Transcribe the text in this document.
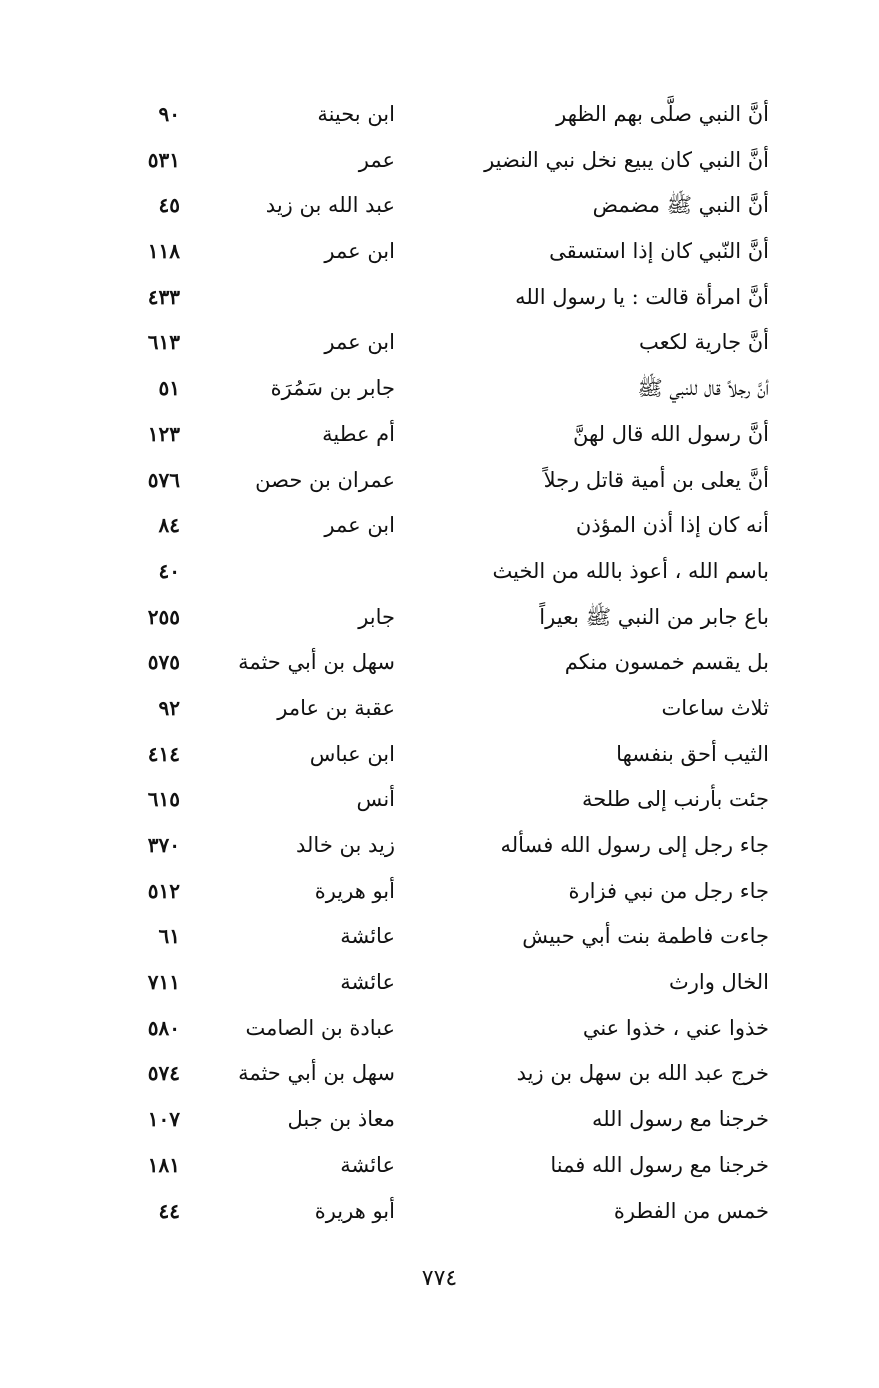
أنَّ النبي صلَّى بهم الظهر
ابن بحينة
٩٠
أنَّ النبي كان يبيع نخل نبي النضير
عمر
٥٣١
أنَّ النبي ﷺ مضمض
عبد الله بن زيد
٤٥
أنَّ النّبي كان إذا استسقى
ابن عمر
١١٨
أنَّ امرأة قالت : يا رسول الله
٤٣٣
أنَّ جارية لكعب
ابن عمر
٦١٣
أنَّ رجلاً قال للنبي ﷺ
جابر بن سَمُرَة
٥١
أنَّ رسول الله قال لهنَّ
أم عطية
١٢٣
أنَّ يعلى بن أمية قاتل رجلاً
عمران بن حصن
٥٧٦
أنه كان إذا أذن المؤذن
ابن عمر
٨٤
باسم الله ، أعوذ بالله من الخيث
٤٠
باع جابر من النبي ﷺ بعيراً
جابر
٢٥٥
بل يقسم خمسون منكم
سهل بن أبي حثمة
٥٧٥
ثلاث ساعات
عقبة بن عامر
٩٢
الثيب أحق بنفسها
ابن عباس
٤١٤
جئت بأرنب إلى طلحة
أنس
٦١٥
جاء رجل إلى رسول الله فسأله
زيد بن خالد
٣٧٠
جاء رجل من نبي فزارة
أبو هريرة
٥١٢
جاءت فاطمة بنت أبي حبيش
عائشة
٦١
الخال وارث
عائشة
٧١١
خذوا عني ، خذوا عني
عبادة بن الصامت
٥٨٠
خرج عبد الله بن سهل بن زيد
سهل بن أبي حثمة
٥٧٤
خرجنا مع رسول الله
معاذ بن جبل
١٠٧
خرجنا مع رسول الله فمنا
عائشة
١٨١
خمس من الفطرة
أبو هريرة
٤٤
٧٧٤
